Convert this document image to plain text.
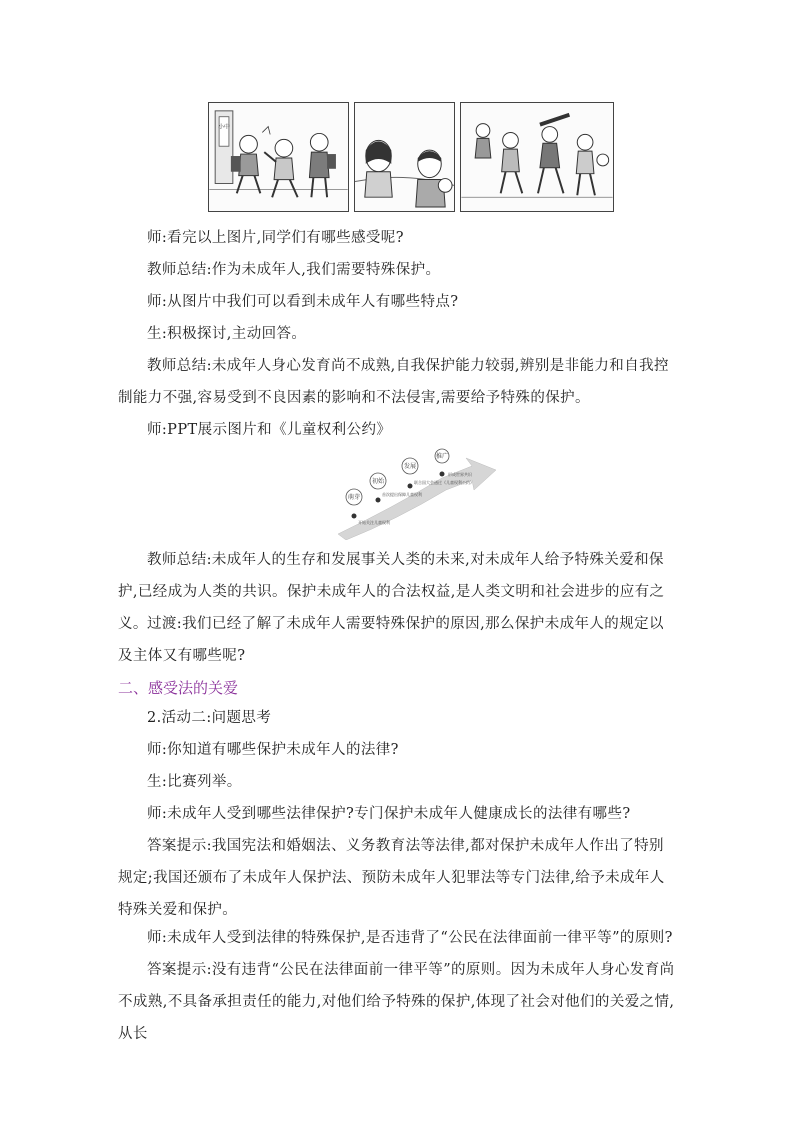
小中

师:看完以上图片,同学们有哪些感受呢?

教师总结:作为未成年人,我们需要特殊保护。

师:从图片中我们可以看到未成年人有哪些特点?

生:积极探讨,主动回答。

教师总结:未成年人身心发育尚不成熟,自我保护能力较弱,辨别是非能力和自我控制能力不强,容易受到不良因素的影响和不法侵害,需要给予特殊的保护。

师:PPT展示图片和《儿童权利公约》

萌芽
开始关注儿童权利
初始
首次提出保障儿童权利
发展
联合国大会通过《儿童权利公约》
推广
形成世界共识

教师总结:未成年人的生存和发展事关人类的未来,对未成年人给予特殊关爱和保护,已经成为人类的共识。保护未成年人的合法权益,是人类文明和社会进步的应有之义。 过渡:我们已经了解了未成年人需要特殊保护的原因,那么保护未成年人的规定以及主体又有哪些呢?

二、感受法的关爱

2.活动二:问题思考

师:你知道有哪些保护未成年人的法律?

生:比赛列举。

师:未成年人受到哪些法律保护?专门保护未成年人健康成长的法律有哪些?

答案提示:我国宪法和婚姻法、义务教育法等法律,都对保护未成年人作出了特别规定;我国还颁布了未成年人保护法、预防未成年人犯罪法等专门法律,给予未成年人特殊关爱和保护。

师:未成年人受到法律的特殊保护,是否违背了“公民在法律面前一律平等”的原则?

答案提示:没有违背“公民在法律面前一律平等”的原则。因为未成年人身心发育尚不成熟,不具备承担责任的能力,对他们给予特殊的保护,体现了社会对他们的关爱之情,从长
